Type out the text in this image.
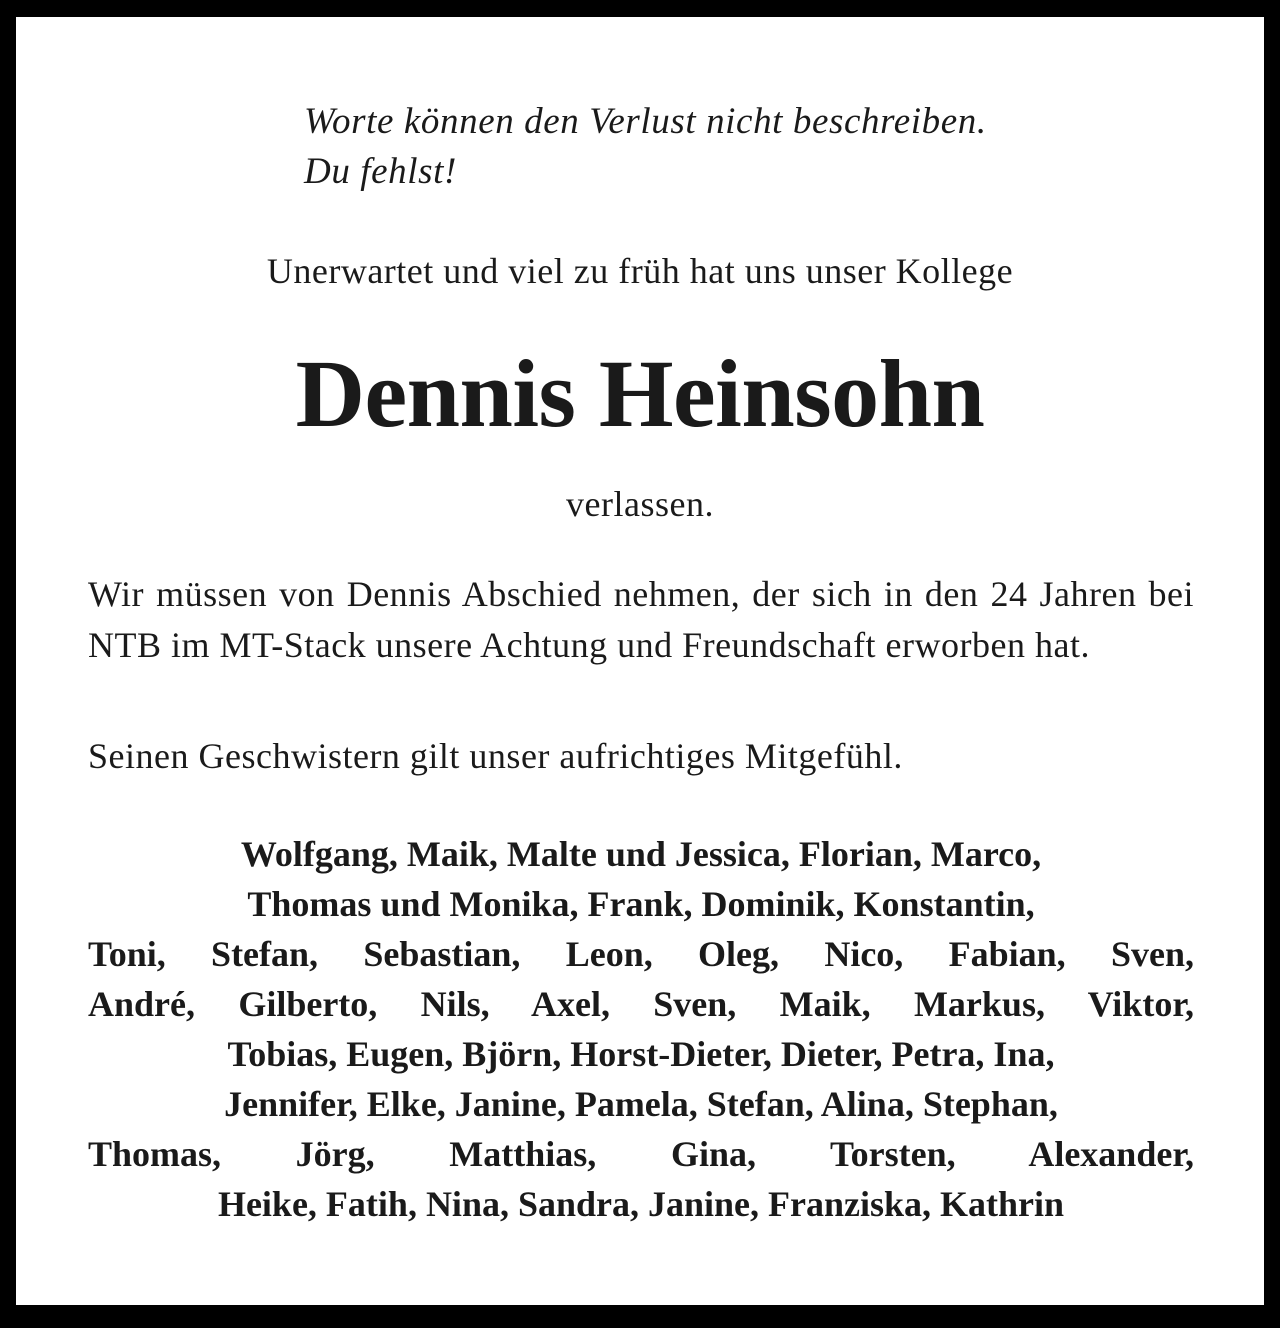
Worte können den Verlust nicht beschreiben.
Du fehlst!
Unerwartet und viel zu früh hat uns unser Kollege
Dennis Heinsohn
verlassen.
Wir müssen von Dennis Abschied nehmen, der sich in den 24 Jahren bei NTB im MT-Stack unsere Achtung und Freundschaft erworben hat.
Seinen Geschwistern gilt unser aufrichtiges Mitgefühl.
Wolfgang, Maik, Malte und Jessica, Florian, Marco,
Thomas und Monika, Frank, Dominik, Konstantin,
Toni, Stefan, Sebastian, Leon, Oleg, Nico, Fabian, Sven,
André, Gilberto, Nils, Axel, Sven, Maik, Markus, Viktor,
Tobias, Eugen, Björn, Horst-Dieter, Dieter, Petra, Ina,
Jennifer, Elke, Janine, Pamela, Stefan, Alina, Stephan,
Thomas, Jörg, Matthias, Gina, Torsten, Alexander,
Heike, Fatih, Nina, Sandra, Janine, Franziska, Kathrin
